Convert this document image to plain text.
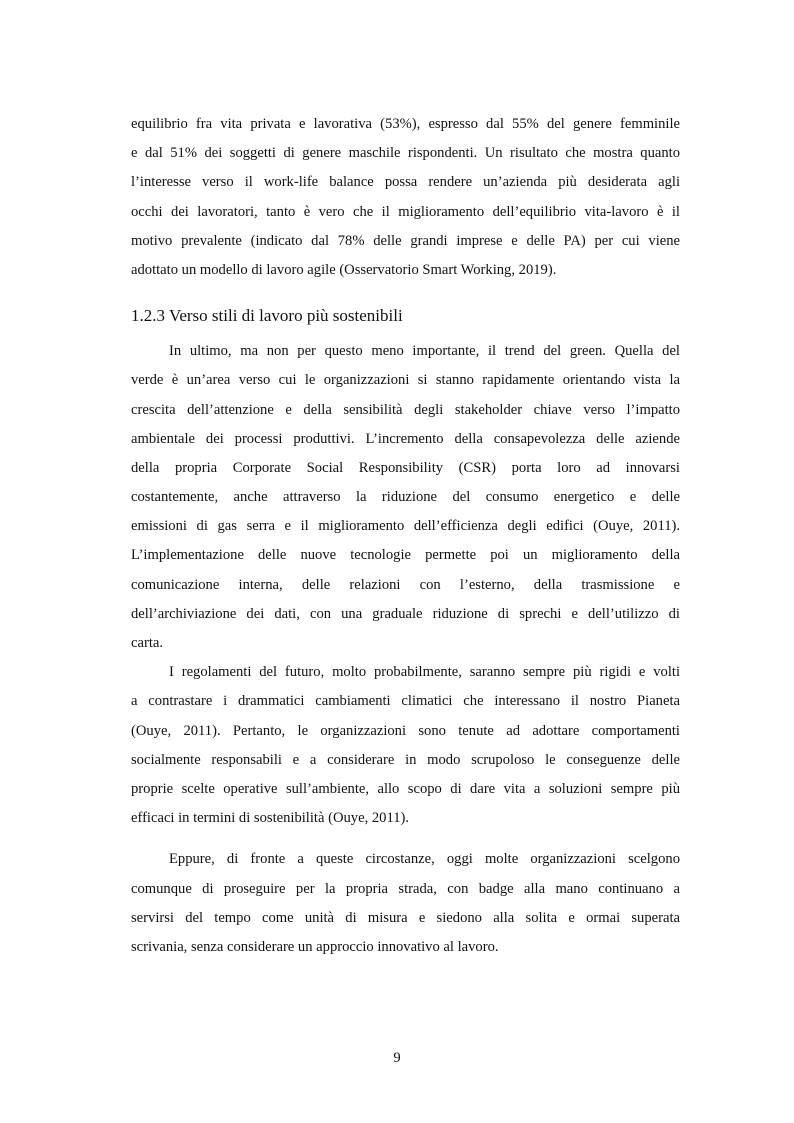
equilibrio fra vita privata e lavorativa (53%), espresso dal 55% del genere femminile
e dal 51% dei soggetti di genere maschile rispondenti. Un risultato che mostra quanto
l’interesse verso il work-life balance possa rendere un’azienda più desiderata agli
occhi dei lavoratori, tanto è vero che il miglioramento dell’equilibrio vita-lavoro è il
motivo prevalente (indicato dal 78% delle grandi imprese e delle PA) per cui viene
adottato un modello di lavoro agile (Osservatorio Smart Working, 2019).
1.2.3 Verso stili di lavoro più sostenibili
In ultimo, ma non per questo meno importante, il trend del green. Quella del
verde è un’area verso cui le organizzazioni si stanno rapidamente orientando vista la
crescita dell’attenzione e della sensibilità degli stakeholder chiave verso l’impatto
ambientale dei processi produttivi. L’incremento della consapevolezza delle aziende
della propria Corporate Social Responsibility (CSR) porta loro ad innovarsi
costantemente, anche attraverso la riduzione del consumo energetico e delle
emissioni di gas serra e il miglioramento dell’efficienza degli edifici (Ouye, 2011).
L’implementazione delle nuove tecnologie permette poi un miglioramento della
comunicazione interna, delle relazioni con l’esterno, della trasmissione e
dell’archiviazione dei dati, con una graduale riduzione di sprechi e dell’utilizzo di
carta.
I regolamenti del futuro, molto probabilmente, saranno sempre più rigidi e volti
a contrastare i drammatici cambiamenti climatici che interessano il nostro Pianeta
(Ouye, 2011). Pertanto, le organizzazioni sono tenute ad adottare comportamenti
socialmente responsabili e a considerare in modo scrupoloso le conseguenze delle
proprie scelte operative sull’ambiente, allo scopo di dare vita a soluzioni sempre più
efficaci in termini di sostenibilità (Ouye, 2011).
Eppure, di fronte a queste circostanze, oggi molte organizzazioni scelgono
comunque di proseguire per la propria strada, con badge alla mano continuano a
servirsi del tempo come unità di misura e siedono alla solita e ormai superata
scrivania, senza considerare un approccio innovativo al lavoro.
9
